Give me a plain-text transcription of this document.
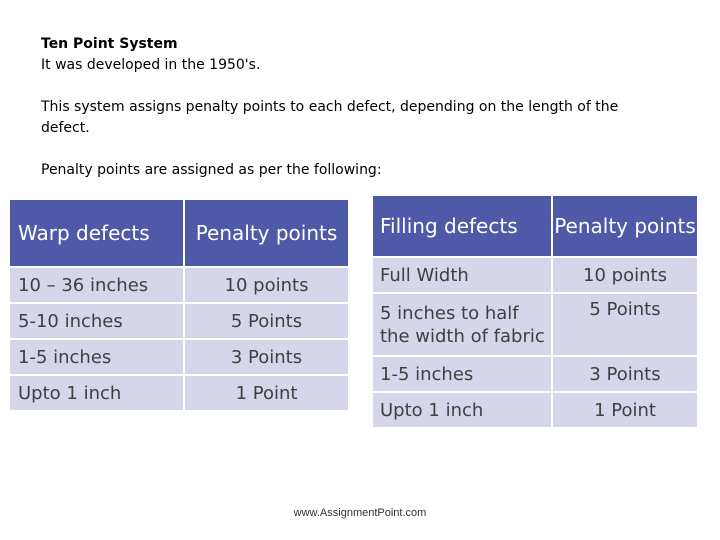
Ten Point System

It was developed in the 1950's.

This system assigns penalty points to each defect, depending on the length of the defect.

Penalty points are assigned as per the following:

Warp defects	Penalty points
10 – 36 inches	10 points
5-10 inches	5 Points
1-5 inches	3 Points
Upto 1 inch	1 Point
Filling defects	Penalty points
Full Width	10 points
5 inches to half the width of fabric	5 Points
1-5 inches	3 Points
Upto 1 inch	1 Point
www.AssignmentPoint.com
